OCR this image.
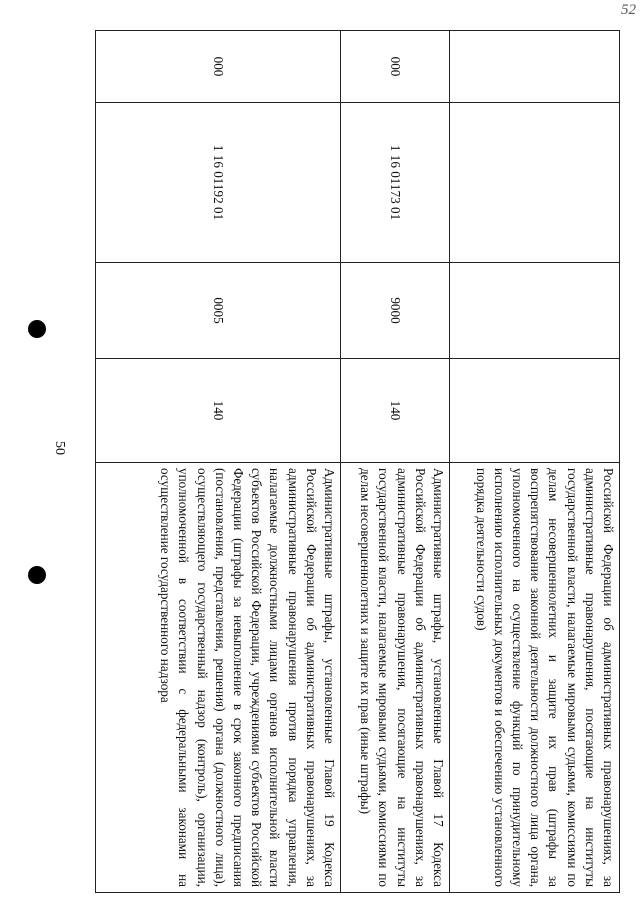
52
50
				Российской Федерации об административных правонарушениях, за административные правонарушения, посягающие на институты государственной власти, налагаемые мировыми судьями, комиссиями по делам несовершеннолетних и защите их прав (штрафы за воспрепятствование законной деятельности должностного лица органа, уполномоченного на осуществление функций по принудительному исполнению исполнительных документов и обеспечению установленного порядка деятельности судов)
000	1 16 01173 01	9000	140	Административные штрафы, установленные Главой 17 Кодекса Российской Федерации об административных правонарушениях, за административные правонарушения, посягающие на институты государственной власти, налагаемые мировыми судьями, комиссиями по делам несовершеннолетних и защите их прав (иные штрафы)
000	1 16 01192 01	0005	140	Административные штрафы, установленные Главой 19 Кодекса Российской Федерации об административных правонарушениях, за административные правонарушения против порядка управления, налагаемые должностными лицами органов исполнительной власти субъектов Российской Федерации, учреждениями субъектов Российской Федерации (штрафы за невыполнение в срок законного предписания (постановления, представления, решения) органа (должностного лица), осуществляющего государственный надзор (контроль), организации, уполномоченной в соответствии с федеральными законами на осуществление государственного надзора
